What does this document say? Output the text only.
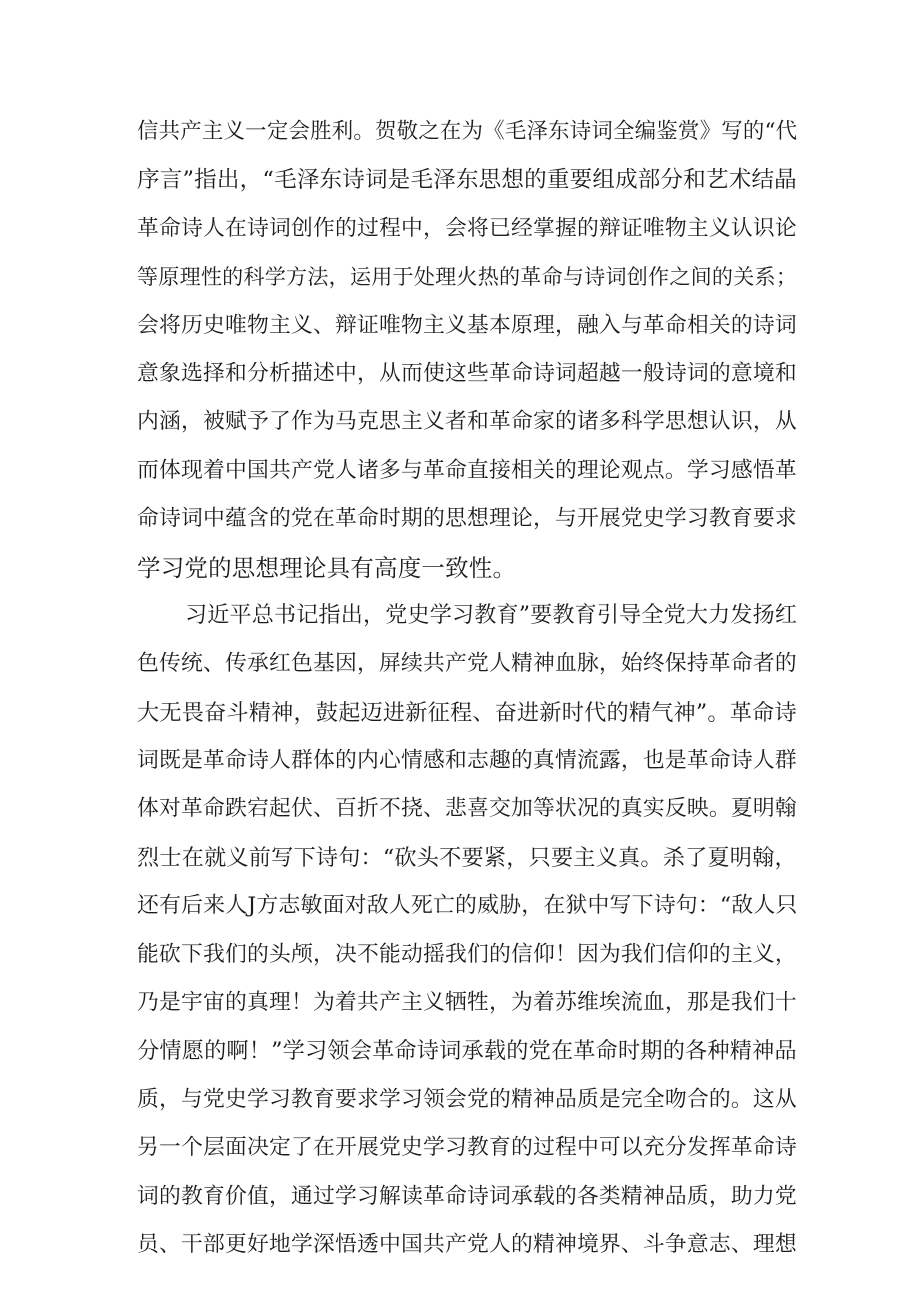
信共产主义一定会胜利。贺敬之在为《毛泽东诗词全编鉴赏》写的“代
序言”指出，“毛泽东诗词是毛泽东思想的重要组成部分和艺术结晶
革命诗人在诗词创作的过程中，会将已经掌握的辩证唯物主义认识论
等原理性的科学方法，运用于处理火热的革命与诗词创作之间的关系；
会将历史唯物主义、辩证唯物主义基本原理，融入与革命相关的诗词
意象选择和分析描述中，从而使这些革命诗词超越一般诗词的意境和
内涵，被赋予了作为马克思主义者和革命家的诸多科学思想认识，从
而体现着中国共产党人诸多与革命直接相关的理论观点。学习感悟革
命诗词中蕴含的党在革命时期的思想理论，与开展党史学习教育要求
学习党的思想理论具有高度一致性。
习近平总书记指出，党史学习教育”要教育引导全党大力发扬红
色传统、传承红色基因，屏续共产党人精神血脉，始终保持革命者的
大无畏奋斗精神，鼓起迈进新征程、奋进新时代的精气神”。革命诗
词既是革命诗人群体的内心情感和志趣的真情流露，也是革命诗人群
体对革命跌宕起伏、百折不挠、悲喜交加等状况的真实反映。夏明翰
烈士在就义前写下诗句：“砍头不要紧，只要主义真。杀了夏明翰，
还有后来人J方志敏面对敌人死亡的威胁，在狱中写下诗句：“敌人只
能砍下我们的头颅，决不能动摇我们的信仰！因为我们信仰的主义，
乃是宇宙的真理！为着共产主义牺牲，为着苏维埃流血，那是我们十
分情愿的啊！”学习领会革命诗词承载的党在革命时期的各种精神品
质，与党史学习教育要求学习领会党的精神品质是完全吻合的。这从
另一个层面决定了在开展党史学习教育的过程中可以充分发挥革命诗
词的教育价值，通过学习解读革命诗词承载的各类精神品质，助力党
员、干部更好地学深悟透中国共产党人的精神境界、斗争意志、理想
